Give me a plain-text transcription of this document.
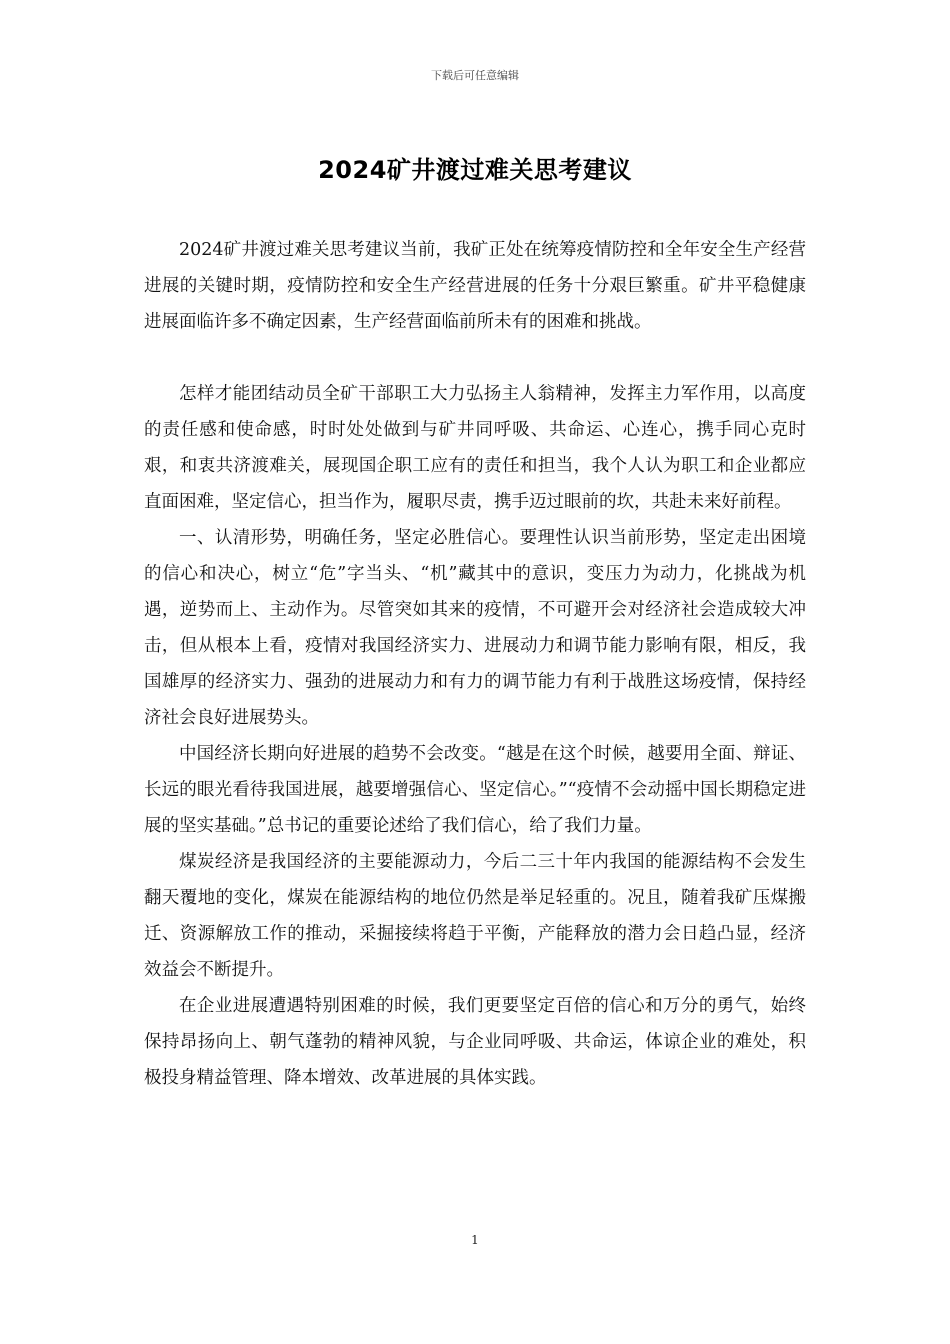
下载后可任意编辑
2024矿井渡过难关思考建议

2024矿井渡过难关思考建议当前，我矿正处在统筹疫情防控和全年安全生产经营进展的关键时期，疫情防控和安全生产经营进展的任务十分艰巨繁重。矿井平稳健康进展面临许多不确定因素，生产经营面临前所未有的困难和挑战。

怎样才能团结动员全矿干部职工大力弘扬主人翁精神，发挥主力军作用，以高度的责任感和使命感，时时处处做到与矿井同呼吸、共命运、心连心，携手同心克时艰，和衷共济渡难关，展现国企职工应有的责任和担当，我个人认为职工和企业都应直面困难，坚定信心，担当作为，履职尽责，携手迈过眼前的坎，共赴未来好前程。

一、认清形势，明确任务，坚定必胜信心。要理性认识当前形势，坚定走出困境的信心和决心，树立“危”字当头、“机”藏其中的意识，变压力为动力，化挑战为机遇，逆势而上、主动作为。尽管突如其来的疫情，不可避开会对经济社会造成较大冲击，但从根本上看，疫情对我国经济实力、进展动力和调节能力影响有限，相反，我国雄厚的经济实力、强劲的进展动力和有力的调节能力有利于战胜这场疫情，保持经济社会良好进展势头。

中国经济长期向好进展的趋势不会改变。“越是在这个时候，越要用全面、辩证、长远的眼光看待我国进展，越要增强信心、坚定信心。”“疫情不会动摇中国长期稳定进展的坚实基础。”总书记的重要论述给了我们信心，给了我们力量。

煤炭经济是我国经济的主要能源动力，今后二三十年内我国的能源结构不会发生翻天覆地的变化，煤炭在能源结构的地位仍然是举足轻重的。况且，随着我矿压煤搬迁、资源解放工作的推动，采掘接续将趋于平衡，产能释放的潜力会日趋凸显，经济效益会不断提升。

在企业进展遭遇特别困难的时候，我们更要坚定百倍的信心和万分的勇气，始终保持昂扬向上、朝气蓬勃的精神风貌，与企业同呼吸、共命运，体谅企业的难处，积极投身精益管理、降本增效、改革进展的具体实践。

1
